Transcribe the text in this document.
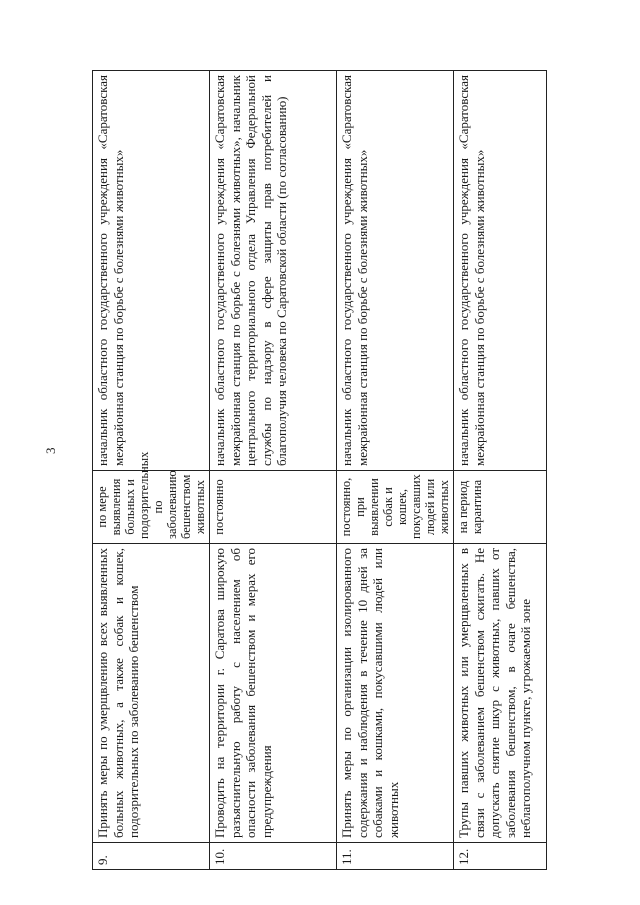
3
9.	Принять меры по умерщвлению всех выявленных больных животных, а также собак и кошек, подозрительных по заболеванию бешенством	по мере выявления больных и подозрительных по заболеванию бешенством животных	начальник областного государственного учреждения «Саратовская межрайонная станция по борьбе с болезнями животных»
10.	Проводить на территории г. Саратова широкую разъяснительную работу с населением об опасности заболевания бешенством и мерах его предупреждения	постоянно	начальник областного государственного учреждения «Саратовская межрайонная станция по борьбе с болезнями животных», начальник центрального территориального отдела Управления Федеральной службы по надзору в сфере защиты прав потребителей и благополучия человека по Саратовской области (по согласованию)
11.	Принять меры по организации изолированного содержания и наблюдения в течение 10 дней за собаками и кошками, покусавшими людей или животных	постоянно, при выявлении собак и кошек, покусавших людей или животных	начальник областного государственного учреждения «Саратовская межрайонная станция по борьбе с болезнями животных»
12.	Трупы павших животных или умерщвленных в связи с заболеванием бешенством сжигать. Не допускать снятие шкур с животных, павших от заболевания бешенством, в очаге бешенства, неблагополучном пункте, угрожаемой зоне	на период карантина	начальник областного государственного учреждения «Саратовская межрайонная станция по борьбе с болезнями животных»
